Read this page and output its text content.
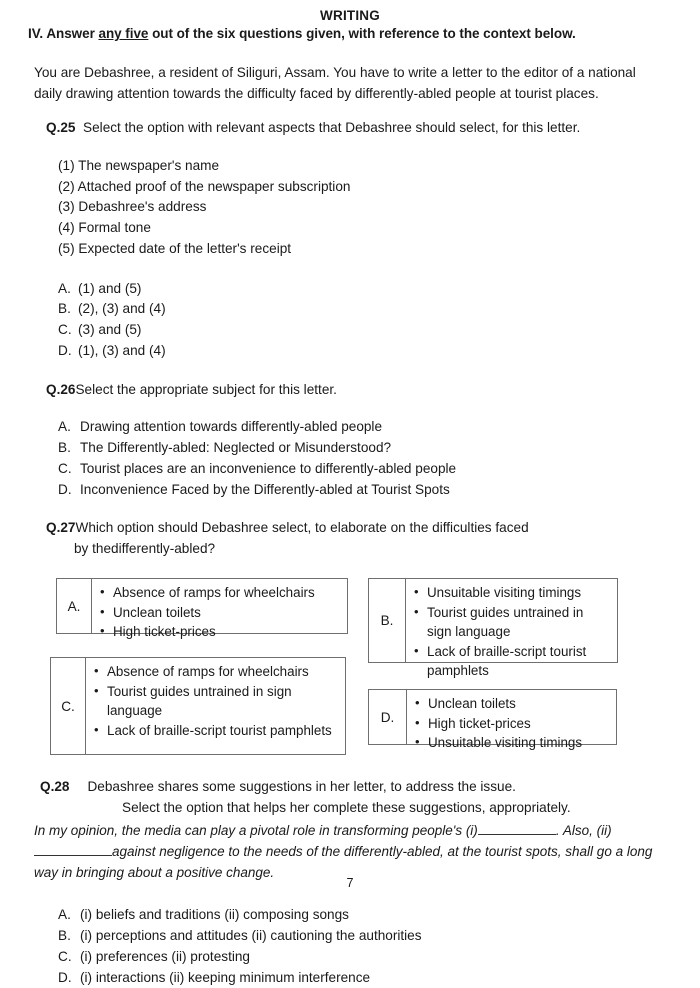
WRITING
IV. Answer any five out of the six questions given, with reference to the context below.
You are Debashree, a resident of Siliguri, Assam. You have to write a letter to the editor of a national daily drawing attention towards the difficulty faced by differently-abled people at tourist places.
Q.25 Select the option with relevant aspects that Debashree should select, for this letter.
(1) The newspaper's name
(2) Attached proof of the newspaper subscription
(3) Debashree's address
(4) Formal tone
(5) Expected date of the letter's receipt
A. (1) and (5)
B. (2), (3) and (4)
C. (3) and (5)
D. (1), (3) and (4)
Q.26Select the appropriate subject for this letter.
A. Drawing attention towards differently-abled people
B. The Differently-abled: Neglected or Misunderstood?
C. Tourist places are an inconvenience to differently-abled people
D. Inconvenience Faced by the Differently-abled at Tourist Spots
Q.27Which option should Debashree select, to elaborate on the difficulties faced
by thedifferently-abled?
A.
• Absence of ramps for wheelchairs
• Unclean toilets
• High ticket-prices
B.
• Unsuitable visiting timings
• Tourist guides untrained in sign language
• Lack of braille-script tourist pamphlets
C.
• Absence of ramps for wheelchairs
• Tourist guides untrained in sign language
• Lack of braille-script tourist pamphlets
D.
• Unclean toilets
• High ticket-prices
• Unsuitable visiting timings
Q.28 Debashree shares some suggestions in her letter, to address the issue.
Select the option that helps her complete these suggestions, appropriately.
In my opinion, the media can play a pivotal role in transforming people's (i)	. Also, (ii)against negligence to the needs of the differently-abled, at the tourist spots, shall go a long way in bringing about a positive change.
A. (i) beliefs and traditions (ii) composing songs
B. (i) perceptions and attitudes (ii) cautioning the authorities
C. (i) preferences (ii) protesting
D. (i) interactions (ii) keeping minimum interference
7
